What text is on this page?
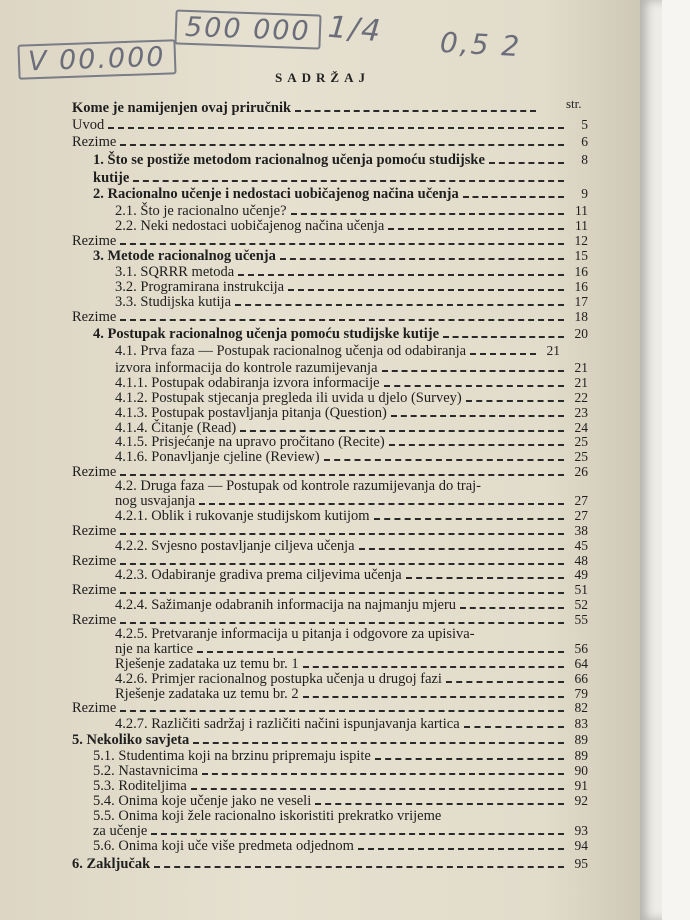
500 000 1/4 0,5 2
V 00.000
SADRŽAJ
str.
Kome je namijenjen ovaj priručnik
Uvod	5
Rezime	6
1. Što se postiže metodom racionalnog učenja pomoću studijske	8
kutije
2. Racionalno učenje i nedostaci uobičajenog načina učenja	9
2.1. Što je racionalno učenje?	11
2.2. Neki nedostaci uobičajenog načina učenja	11
Rezime	12
3. Metode racionalnog učenja	15
3.1. SQRRR metoda	16
3.2. Programirana instrukcija	16
3.3. Studijska kutija	17
Rezime	18
4. Postupak racionalnog učenja pomoću studijske kutije	20
4.1. Prva faza — Postupak racionalnog učenja od odabiranja	21
izvora informacija do kontrole razumijevanja	21
4.1.1. Postupak odabiranja izvora informacije	21
4.1.2. Postupak stjecanja pregleda ili uvida u djelo (Survey)	22
4.1.3. Postupak postavljanja pitanja (Question)	23
4.1.4. Čitanje (Read)	24
4.1.5. Prisjećanje na upravo pročitano (Recite)	25
4.1.6. Ponavljanje cjeline (Review)	25
Rezime	26
4.2. Druga faza — Postupak od kontrole razumijevanja do traj-
nog usvajanja	27
4.2.1. Oblik i rukovanje studijskom kutijom	27
Rezime	38
4.2.2. Svjesno postavljanje ciljeva učenja	45
Rezime	48
4.2.3. Odabiranje gradiva prema ciljevima učenja	49
Rezime	51
4.2.4. Sažimanje odabranih informacija na najmanju mjeru	52
Rezime	55
4.2.5. Pretvaranje informacija u pitanja i odgovore za upisiva-
nje na kartice	56
Rješenje zadataka uz temu br. 1	64
4.2.6. Primjer racionalnog postupka učenja u drugoj fazi	66
Rješenje zadataka uz temu br. 2	79
Rezime	82
4.2.7. Različiti sadržaj i različiti načini ispunjavanja kartica	83
5. Nekoliko savjeta	89
5.1. Studentima koji na brzinu pripremaju ispite	89
5.2. Nastavnicima	90
5.3. Roditeljima	91
5.4. Onima koje učenje jako ne veseli	92
5.5. Onima koji žele racionalno iskoristiti prekratko vrijeme
za učenje	93
5.6. Onima koji uče više predmeta odjednom	94
6. Zaključak	95
